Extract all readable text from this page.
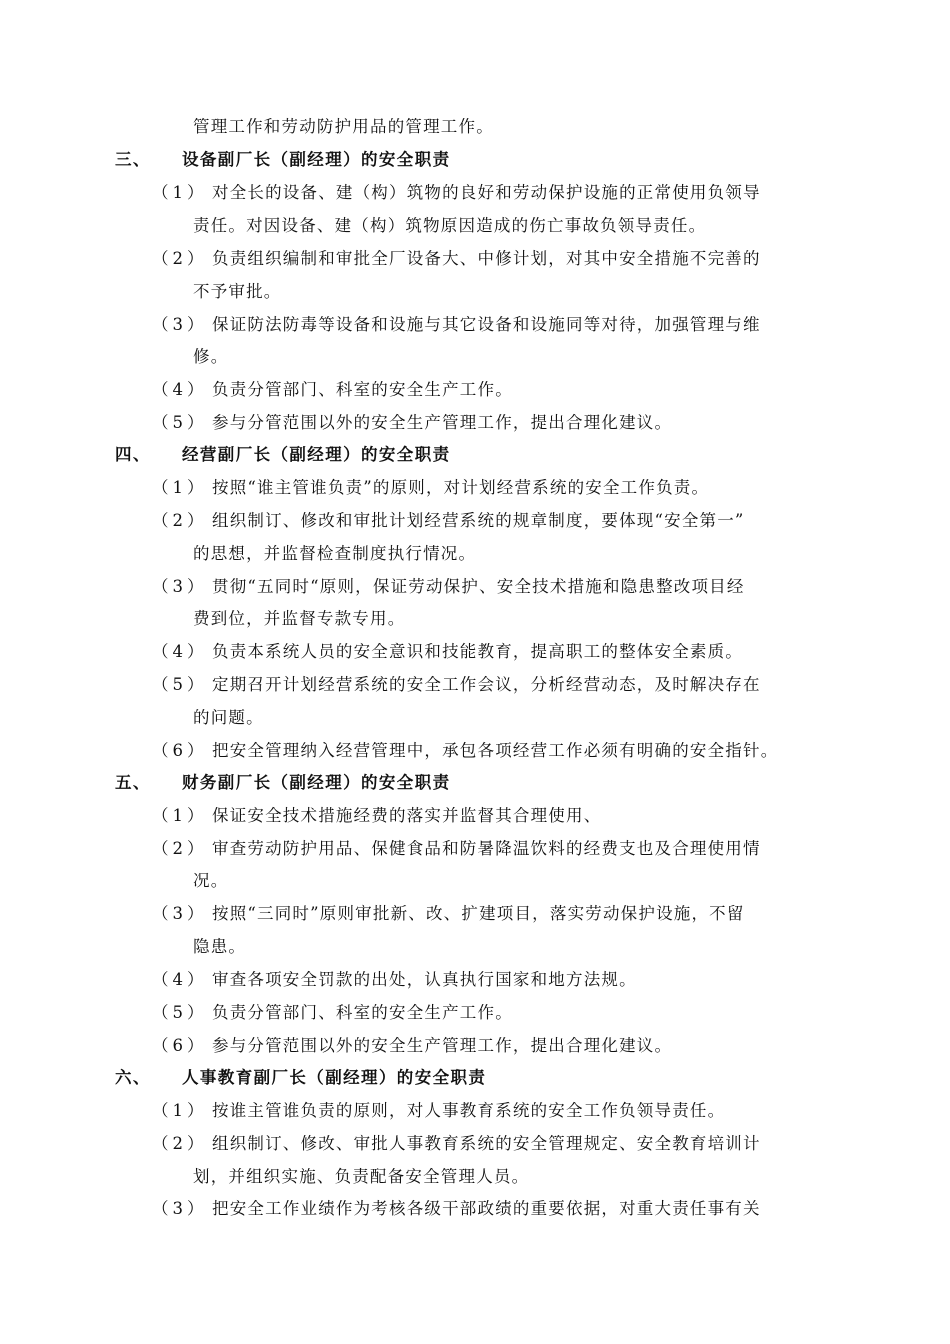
管理工作和劳动防护用品的管理工作。
三、 设备副厂长（副经理）的安全职责
（1） 对全长的设备、建（构）筑物的良好和劳动保护设施的正常使用负领导
责任。对因设备、建（构）筑物原因造成的伤亡事故负领导责任。
（2） 负责组织编制和审批全厂设备大、中修计划，对其中安全措施不完善的
不予审批。
（3） 保证防法防毒等设备和设施与其它设备和设施同等对待，加强管理与维
修。
（4） 负责分管部门、科室的安全生产工作。
（5） 参与分管范围以外的安全生产管理工作，提出合理化建议。
四、 经营副厂长（副经理）的安全职责
（1） 按照“谁主管谁负责”的原则，对计划经营系统的安全工作负责。
（2） 组织制订、修改和审批计划经营系统的规章制度，要体现“安全第一”
的思想，并监督检查制度执行情况。
（3） 贯彻“五同时“原则，保证劳动保护、安全技术措施和隐患整改项目经
费到位，并监督专款专用。
（4） 负责本系统人员的安全意识和技能教育，提高职工的整体安全素质。
（5） 定期召开计划经营系统的安全工作会议，分析经营动态，及时解决存在
的问题。
（6） 把安全管理纳入经营管理中，承包各项经营工作必须有明确的安全指针。
五、 财务副厂长（副经理）的安全职责
（1） 保证安全技术措施经费的落实并监督其合理使用、
（2） 审查劳动防护用品、保健食品和防暑降温饮料的经费支也及合理使用情
况。
（3） 按照“三同时”原则审批新、改、扩建项目，落实劳动保护设施，不留
隐患。
（4） 审查各项安全罚款的出处，认真执行国家和地方法规。
（5） 负责分管部门、科室的安全生产工作。
（6） 参与分管范围以外的安全生产管理工作，提出合理化建议。
六、 人事教育副厂长（副经理）的安全职责
（1） 按谁主管谁负责的原则，对人事教育系统的安全工作负领导责任。
（2） 组织制订、修改、审批人事教育系统的安全管理规定、安全教育培训计
划，并组织实施、负责配备安全管理人员。
（3） 把安全工作业绩作为考核各级干部政绩的重要依据，对重大责任事有关
